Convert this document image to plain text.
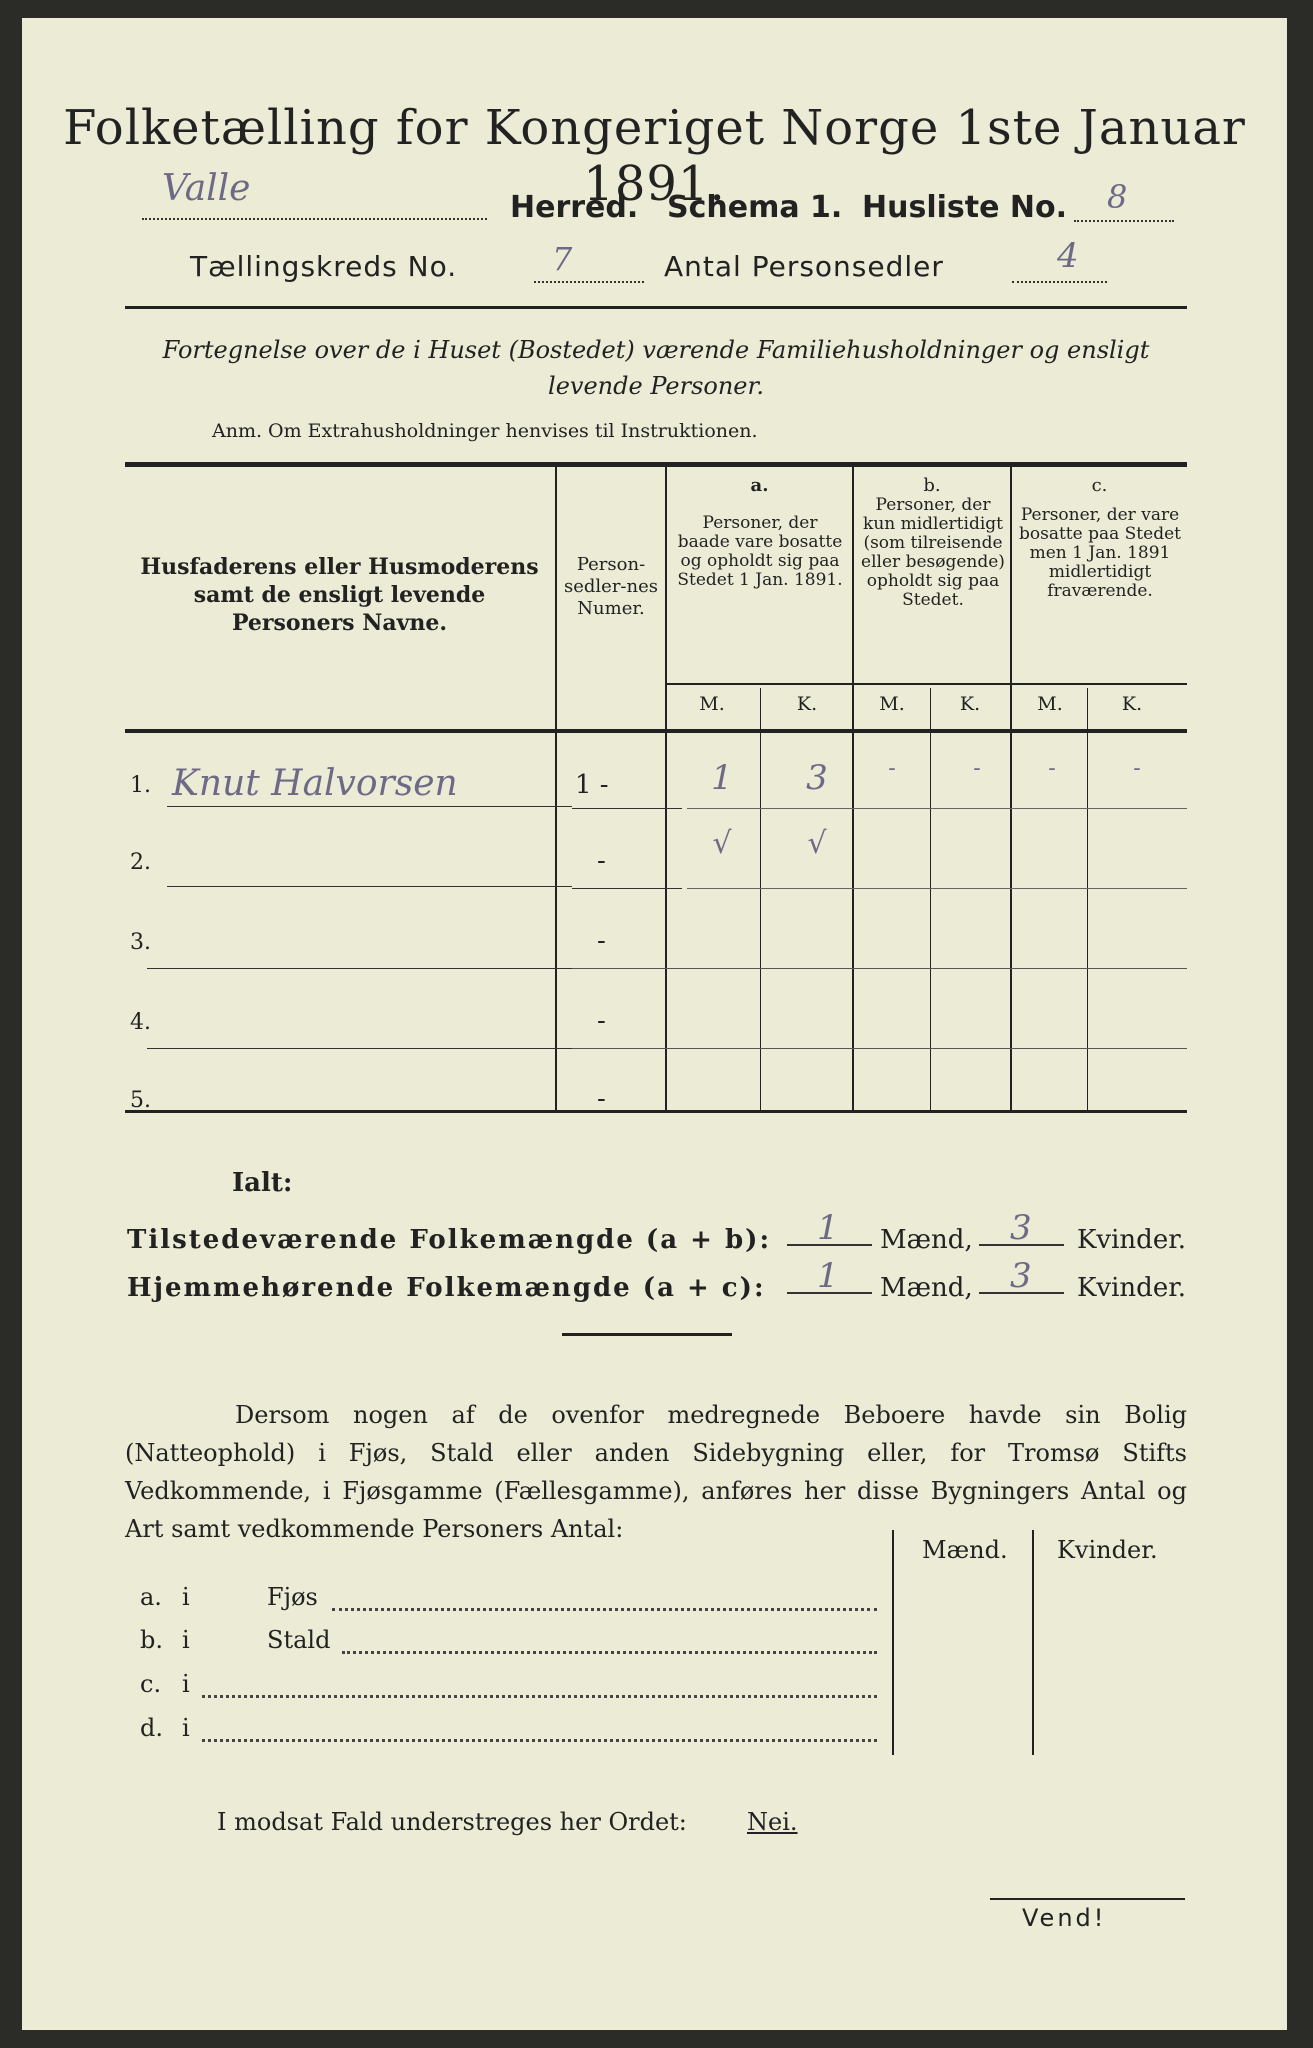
Folketælling for Kongeriget Norge 1ste Januar 1891.
Valle	Herred. Schema 1. Husliste No. 8
Tællingskreds No.	7	Antal Personsedler	4
Fortegnelse over de i Huset (Bostedet) værende Familiehusholdninger og ensligt levende Personer.
Anm. Om Extrahusholdninger henvises til Instruktionen.
Husfaderens eller Husmoderens samt de ensligt levende Personers Navne.
Person-sedler-nes Numer.
a.
Personer, der baade vare bosatte og opholdt sig paa Stedet 1 Jan. 1891.
b.
Personer, der kun midlertidigt (som tilreisende eller besøgende) opholdt sig paa Stedet.
c.
Personer, der vare bosatte paa Stedet men 1 Jan. 1891 midlertidigt fraværende.
M.	K.	M.	K.	M.	K.
1. Knut Halvorsen	1 -	1	3	-	-	-	-
2.	-	√	√
3.	-
4.	-
5.	-
Ialt:
Tilstedeværende Folkemængde (a + b): 1 Mænd, 3 Kvinder.
Hjemmehørende Folkemængde (a + c): 1 Mænd, 3 Kvinder.
Dersom nogen af de ovenfor medregnede Beboere havde sin Bolig (Natteophold) i Fjøs, Stald eller anden Sidebygning eller, for Tromsø Stifts Vedkommende, i Fjøsgamme (Fællesgamme), anføres her disse Bygningers Antal og Art samt vedkommende Personers Antal:
Mænd. Kvinder.
a. i	Fjøs
b. i	Stald
c. i
d. i
I modsat Fald understreges her Ordet:	Nei.
Vend!
